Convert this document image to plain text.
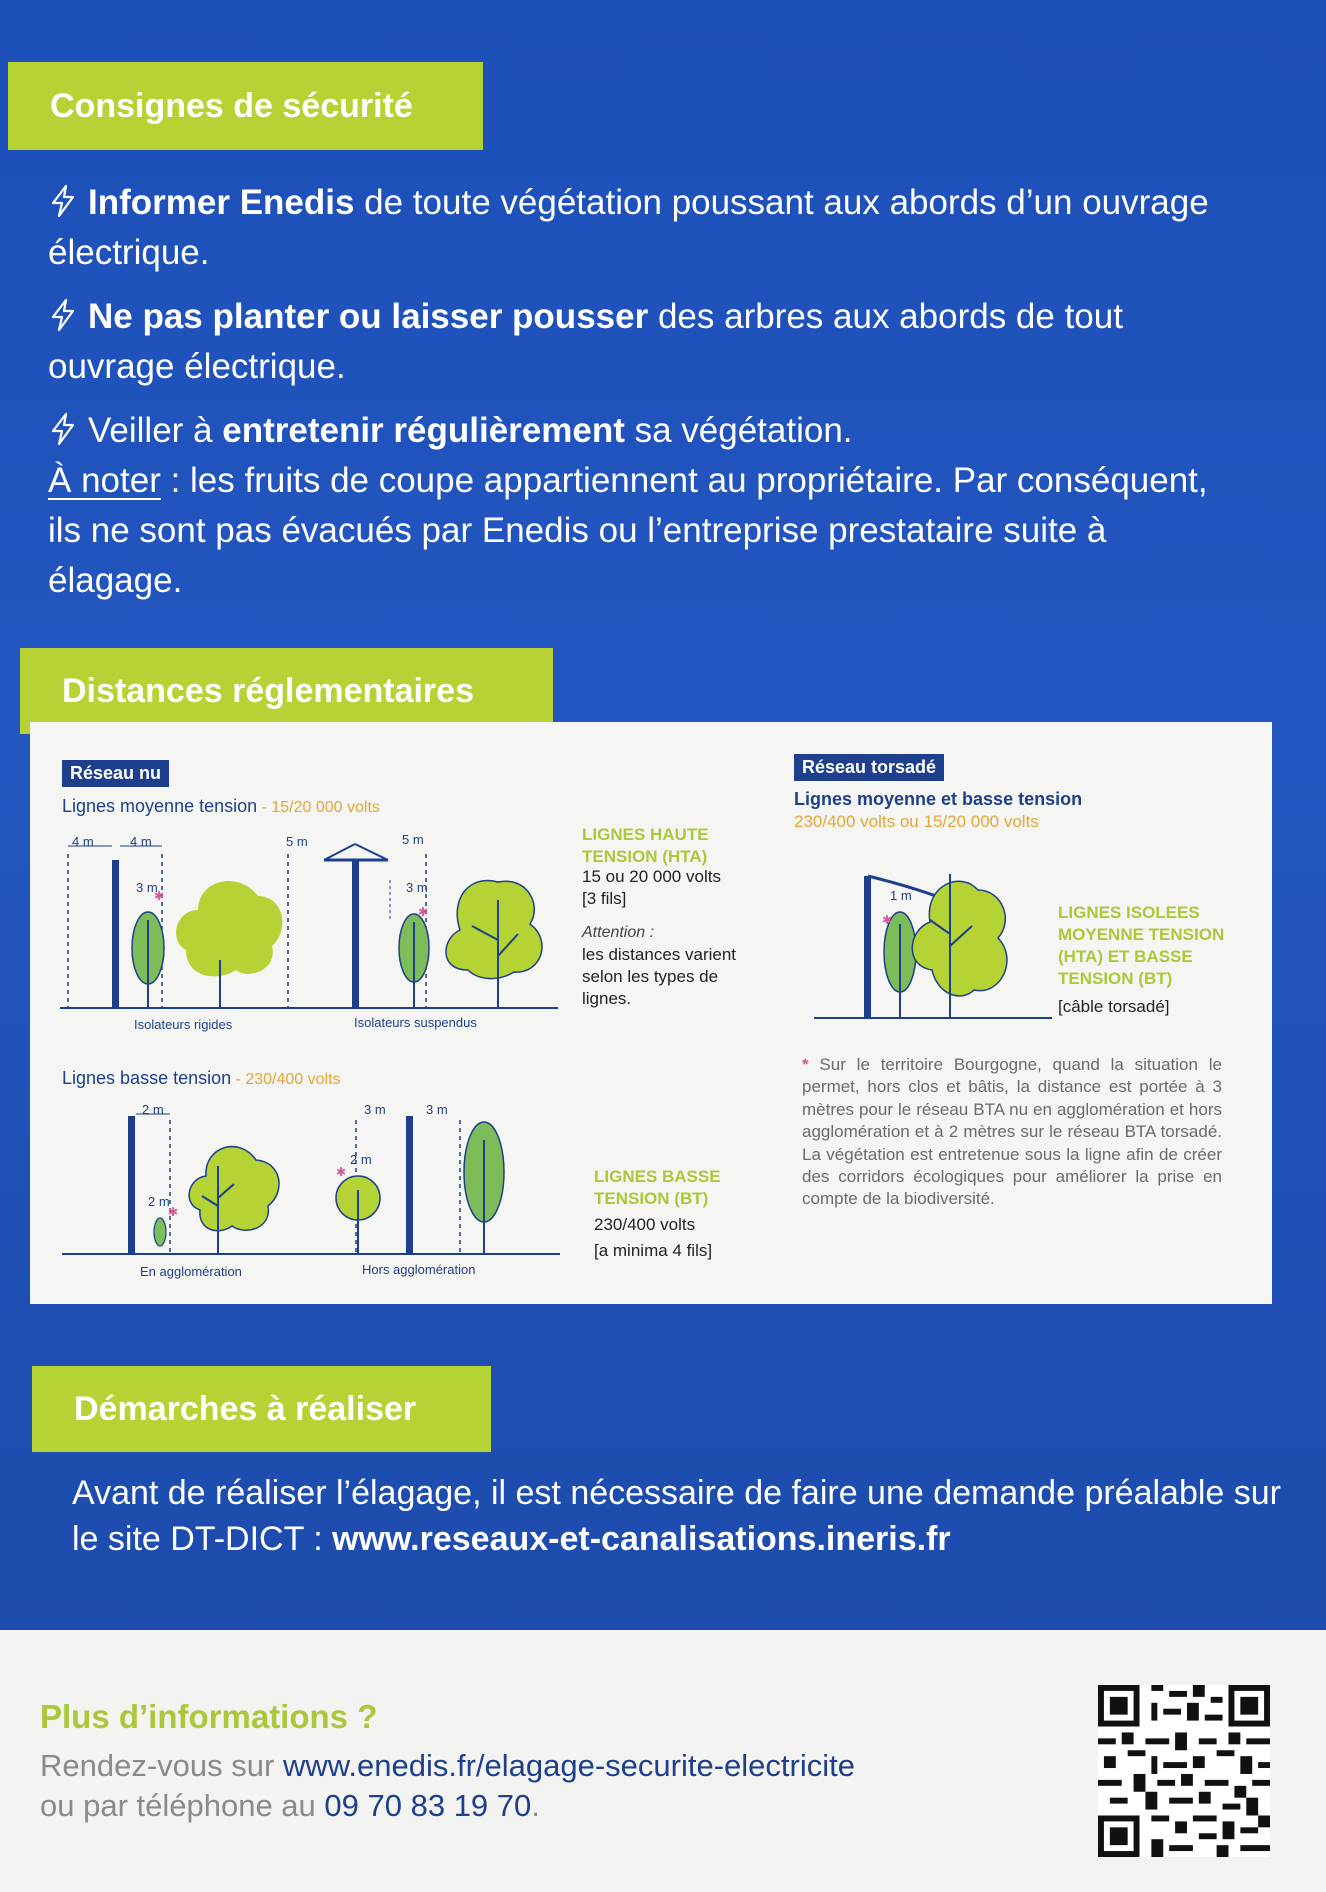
Consignes de sécurité

Informer Enedis de toute végétation poussant aux abords d’un ouvrage électrique.

Ne pas planter ou laisser pousser des arbres aux abords de tout ouvrage électrique.

Veiller à entretenir régulièrement sa végétation.

À noter : les fruits de coupe appartiennent au propriétaire. Par conséquent, ils ne sont pas évacués par Enedis ou l’entreprise prestataire suite à élagage.

Distances réglementaires
Réseau nu
Lignes moyenne tension - 15/20 000 volts
✱
✱
4 m	4 m
3 m
5 m	5 m
3 m
Isolateurs rigides	Isolateurs suspendus
LIGNES HAUTE
TENSION (HTA)
15 ou 20 000 volts
[3 fils]
Attention :
les distances varient
selon les types de
lignes.
Lignes basse tension - 230/400 volts
✱
✱
2 m
2 m
3 m
2 m
3 m
En agglomération	Hors agglomération
LIGNES BASSE
TENSION (BT)
230/400 volts
[a minima 4 fils]
Réseau torsadé
Lignes moyenne et basse tension
230/400 volts ou 15/20 000 volts
✱
1 m
LIGNES ISOLEES
MOYENNE TENSION
(HTA) ET BASSE
TENSION (BT)
[câble torsadé]
* Sur le territoire Bourgogne, quand la situation le permet, hors clos et bâtis, la distance est portée à 3 mètres pour le réseau BTA nu en agglomération et hors agglomération et à 2 mètres sur le réseau BTA torsadé. La végétation est entretenue sous la ligne afin de créer des corridors écologiques pour améliorer la prise en compte de la biodiversité.
Démarches à réaliser
Avant de réaliser l’élagage, il est nécessaire de faire une demande préalable sur le site DT-DICT : www.reseaux-et-canalisations.ineris.fr
Plus d’informations ?
Rendez-vous sur www.enedis.fr/elagage-securite-electricite
ou par téléphone au 09 70 83 19 70.
